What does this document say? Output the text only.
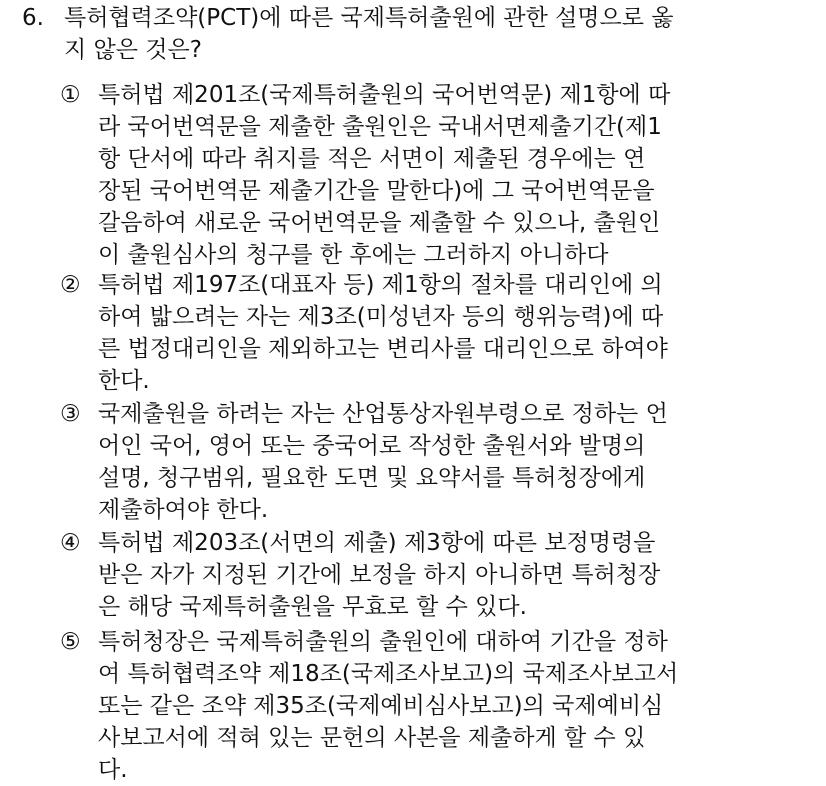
6. 특허협력조약(PCT)에 따른 국제특허출원에 관한 설명으로 옳
지 않은 것은?
① 특허법 제201조(국제특허출원의 국어번역문) 제1항에 따
라 국어번역문을 제출한 출원인은 국내서면제출기간(제1
항 단서에 따라 취지를 적은 서면이 제출된 경우에는 연
장된 국어번역문 제출기간을 말한다)에 그 국어번역문을
갈음하여 새로운 국어번역문을 제출할 수 있으나, 출원인
이 출원심사의 청구를 한 후에는 그러하지 아니하다
② 특허법 제197조(대표자 등) 제1항의 절차를 대리인에 의
하여 밟으려는 자는 제3조(미성년자 등의 행위능력)에 따
른 법정대리인을 제외하고는 변리사를 대리인으로 하여야
한다.
③ 국제출원을 하려는 자는 산업통상자원부령으로 정하는 언
어인 국어, 영어 또는 중국어로 작성한 출원서와 발명의
설명, 청구범위, 필요한 도면 및 요약서를 특허청장에게
제출하여야 한다.
④ 특허법 제203조(서면의 제출) 제3항에 따른 보정명령을
받은 자가 지정된 기간에 보정을 하지 아니하면 특허청장
은 해당 국제특허출원을 무효로 할 수 있다.
⑤ 특허청장은 국제특허출원의 출원인에 대하여 기간을 정하
여 특허협력조약 제18조(국제조사보고)의 국제조사보고서
또는 같은 조약 제35조(국제예비심사보고)의 국제예비심
사보고서에 적혀 있는 문헌의 사본을 제출하게 할 수 있
다.
